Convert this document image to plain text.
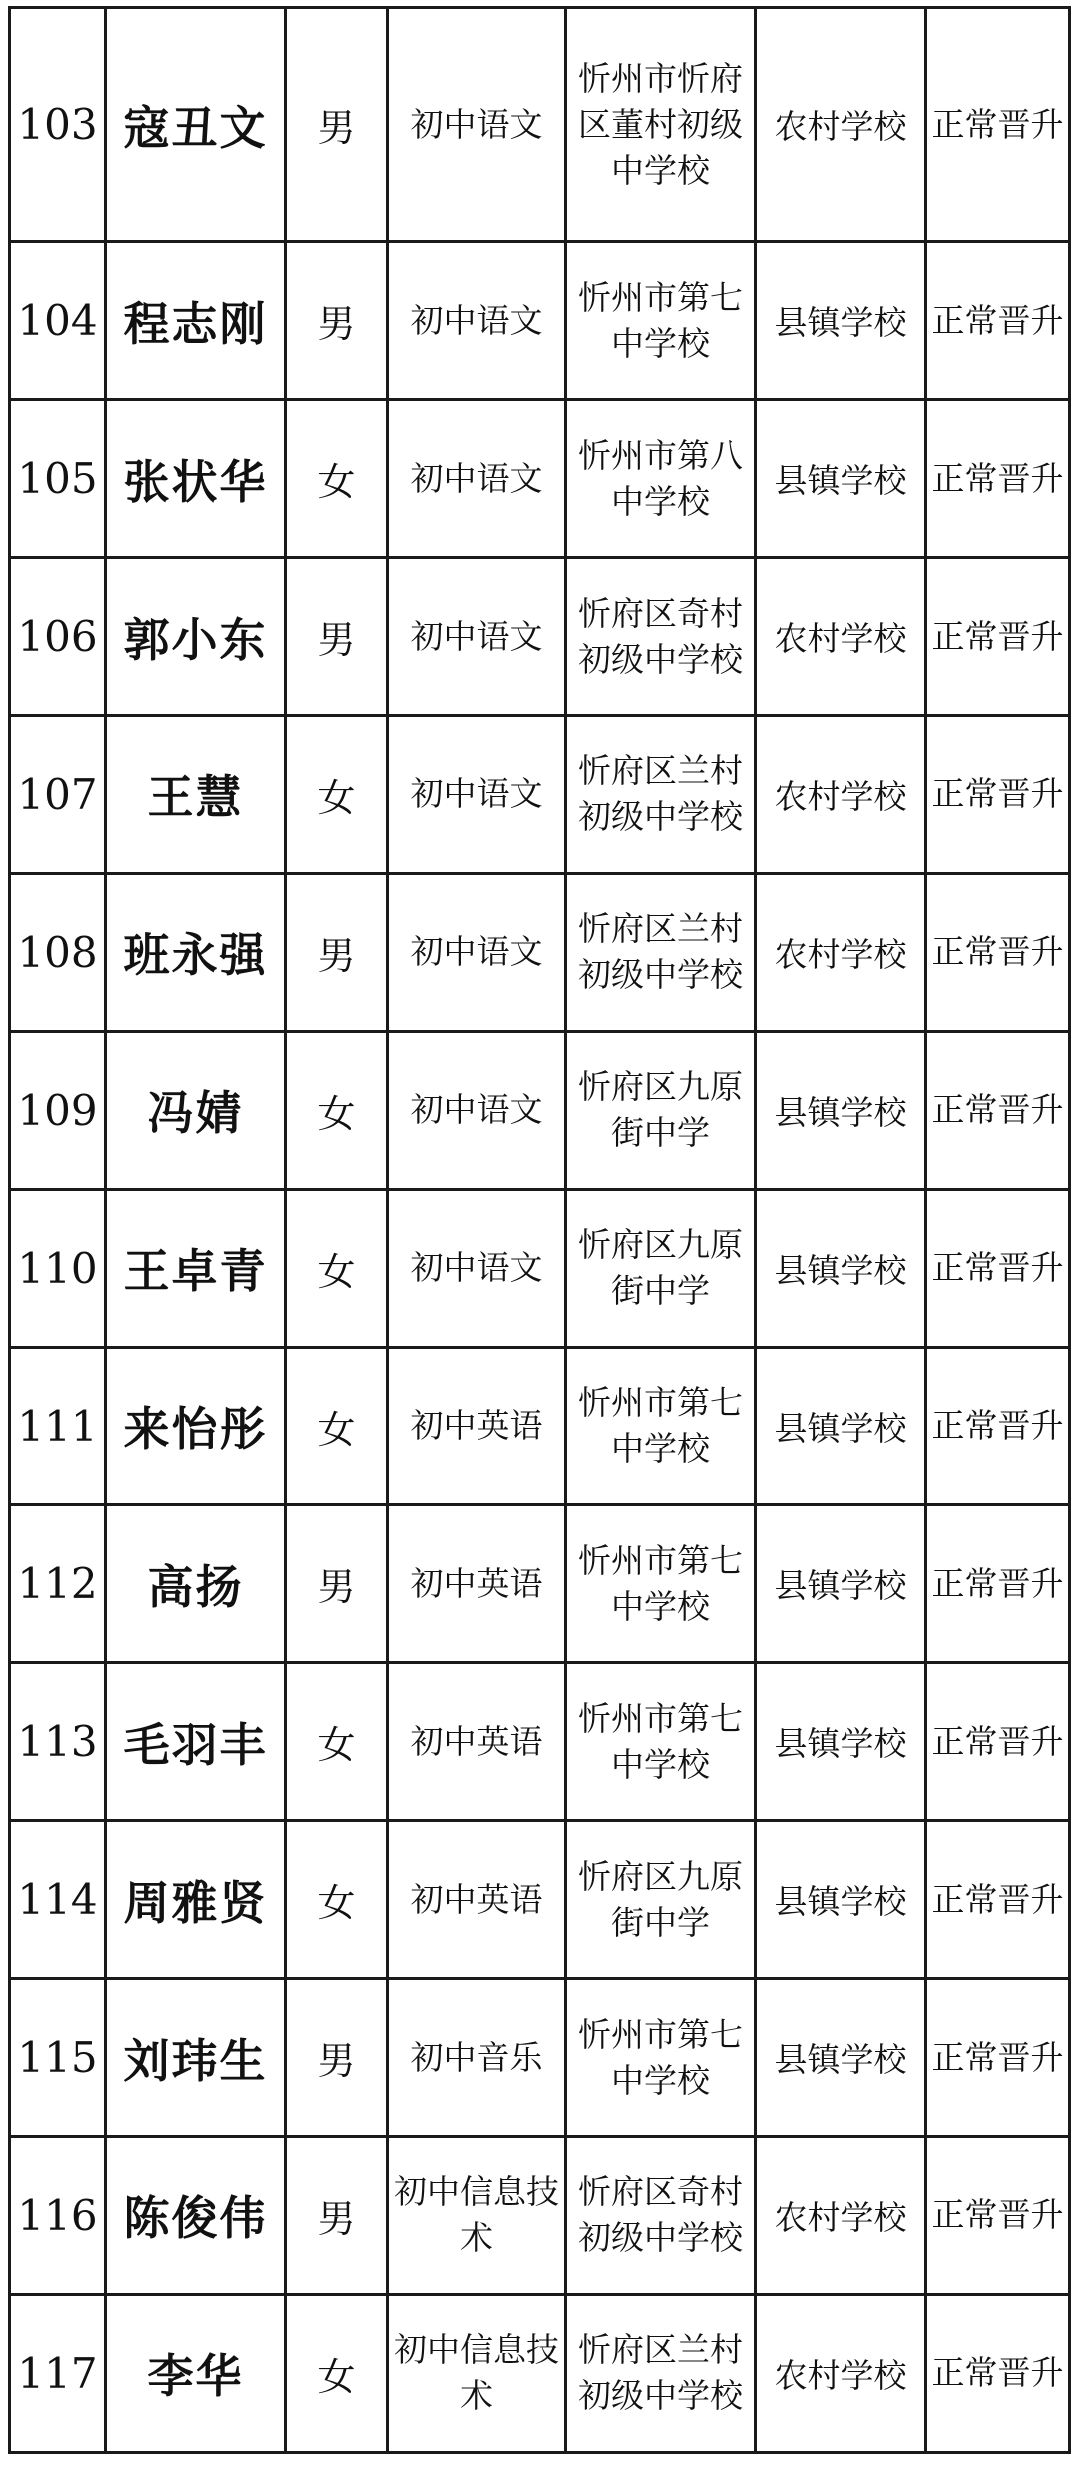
103	寇丑文	男	初中语文	忻州市忻府区董村初级中学校	农村学校	正常晋升

104	程志刚	男	初中语文	忻州市第七中学校	县镇学校	正常晋升

105	张状华	女	初中语文	忻州市第八中学校	县镇学校	正常晋升

106	郭小东	男	初中语文	忻府区奇村初级中学校	农村学校	正常晋升

107	王慧	女	初中语文	忻府区兰村初级中学校	农村学校	正常晋升

108	班永强	男	初中语文	忻府区兰村初级中学校	农村学校	正常晋升

109	冯婧	女	初中语文	忻府区九原街中学	县镇学校	正常晋升

110	王卓青	女	初中语文	忻府区九原街中学	县镇学校	正常晋升

111	来怡彤	女	初中英语	忻州市第七中学校	县镇学校	正常晋升

112	高扬	男	初中英语	忻州市第七中学校	县镇学校	正常晋升

113	毛羽丰	女	初中英语	忻州市第七中学校	县镇学校	正常晋升

114	周雅贤	女	初中英语	忻府区九原街中学	县镇学校	正常晋升

115	刘玮生	男	初中音乐	忻州市第七中学校	县镇学校	正常晋升

116	陈俊伟	男	初中信息技术	忻府区奇村初级中学校	农村学校	正常晋升

117	李华	女	初中信息技术	忻府区兰村初级中学校	农村学校	正常晋升
